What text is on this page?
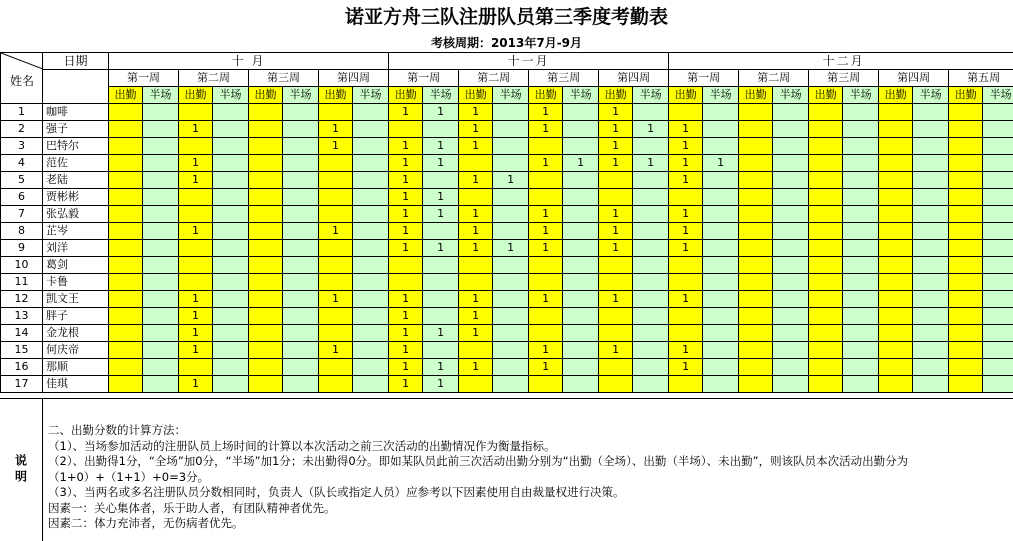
诺亚方舟三队注册队员第三季度考勤表
考核周期：2013年7月-9月
姓名	日期	十 月								十一月								十二月										
		第一周		第二周		第三周		第四周		第一周		第二周		第三周		第四周		第一周		第二周		第三周		第四周		第五周		
		出勤	半场	出勤	半场	出勤	半场	出勤	半场	出勤	半场	出勤	半场	出勤	半场	出勤	半场	出勤	半场	出勤	半场	出勤	半场	出勤	半场	出勤	半场	

1	咖啡									1	1	1		1		1												
2	强子			1				1				1		1		1	1	1										
3	巴特尔							1		1	1	1				1		1										
4	范佐			1						1	1			1	1	1	1	1	1									
5	老陆			1						1		1	1					1										
6	贾彬彬									1	1																	
7	张弘毅									1	1	1		1		1		1										
8	芷岑			1				1		1		1		1		1		1										
9	刘洋									1	1	1	1	1		1		1										
10	葛剑																											
11	卡鲁																											
12	凯文王			1				1		1		1		1		1		1										
13	胖子			1						1		1																
14	金龙根			1						1	1	1																
15	何庆帝			1				1		1				1		1		1										
16	那顺									1	1	1		1				1										
17	佳琪			1						1	1																	
说明
二、出勤分数的计算方法：
（1）、当场参加活动的注册队员上场时间的计算以本次活动之前三次活动的出勤情况作为衡量指标。
（2）、出勤得1分，“全场”加0分，“半场”加1分；未出勤得0分。即如某队员此前三次活动出勤分别为“出勤（全场）、出勤（半场）、未出勤”，则该队员本次活动出勤分为（1+0）+（1+1）+0=3分。
（3）、当两名或多名注册队员分数相同时，负责人（队长或指定人员）应参考以下因素使用自由裁量权进行决策。
因素一：关心集体者，乐于助人者，有团队精神者优先。
因素二：体力充沛者，无伤病者优先。
